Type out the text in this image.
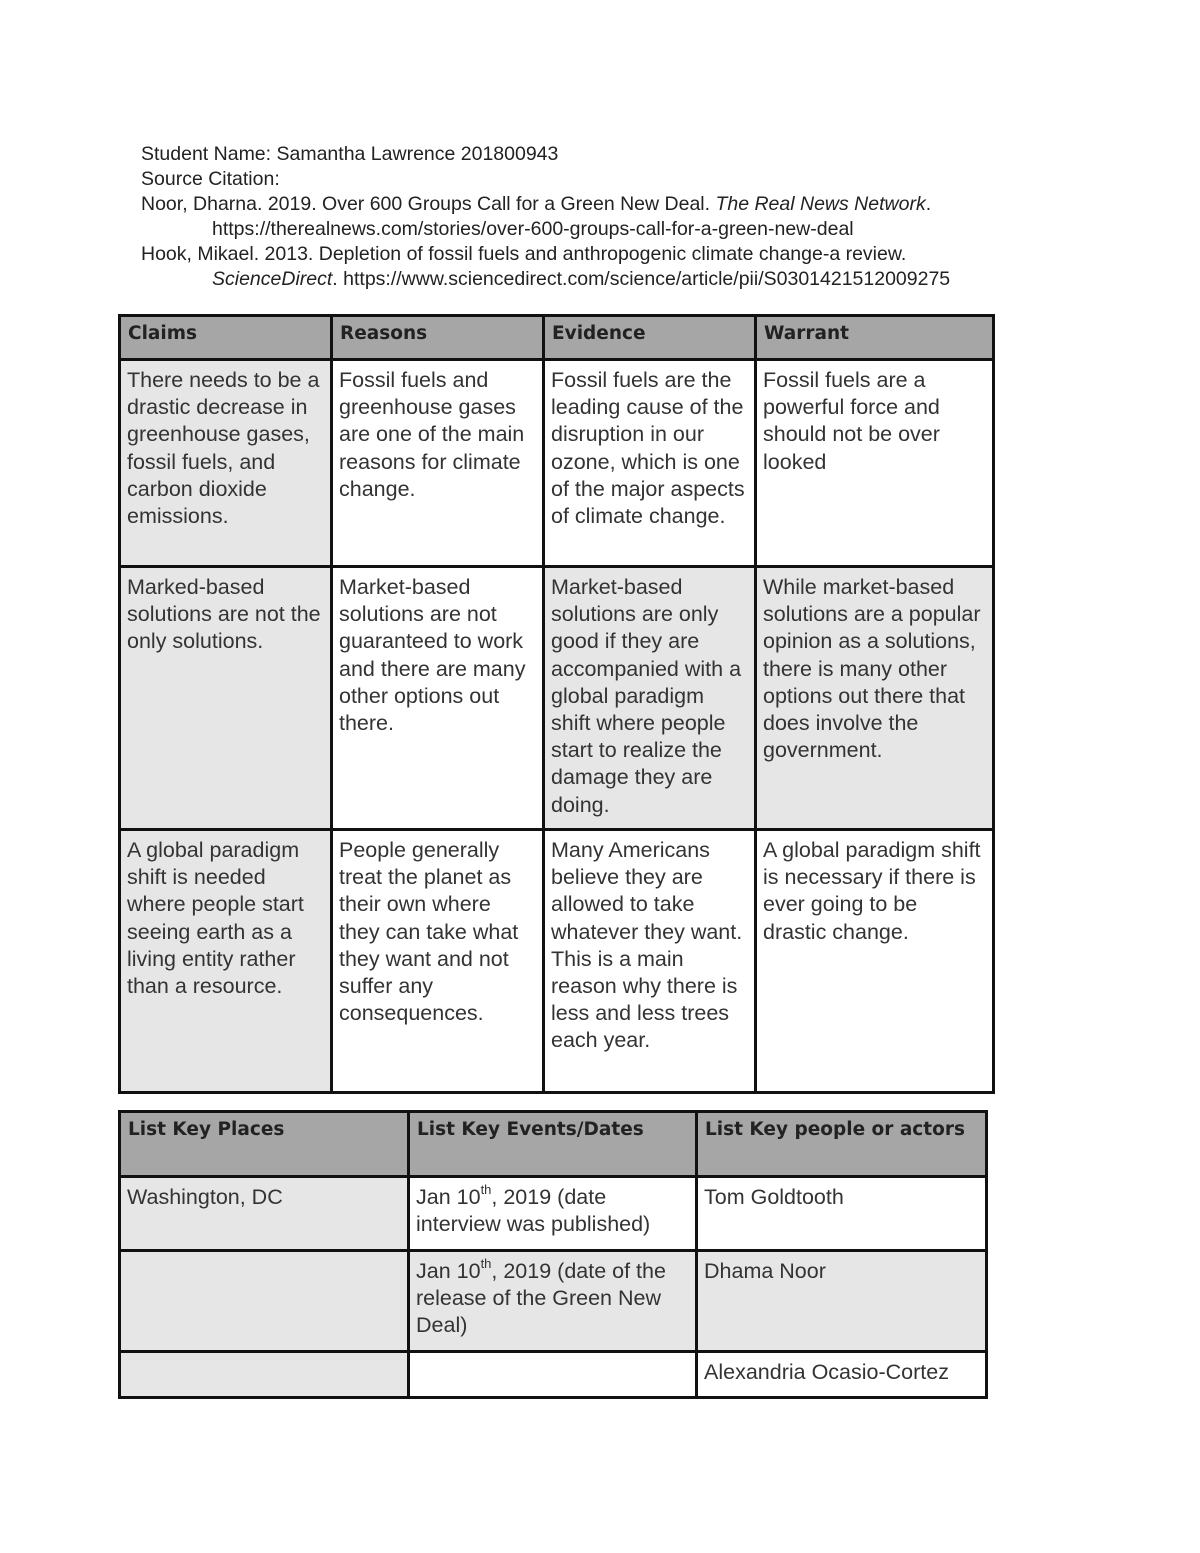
Student Name: Samantha Lawrence 201800943
Source Citation:
Noor, Dharna. 2019. Over 600 Groups Call for a Green New Deal. The Real News Network.
https://therealnews.com/stories/over-600-groups-call-for-a-green-new-deal
Hook, Mikael. 2013. Depletion of fossil fuels and anthropogenic climate change-a review.
ScienceDirect. https://www.sciencedirect.com/science/article/pii/S0301421512009275
Claims	Reasons	Evidence	Warrant
There needs to be a drastic decrease in greenhouse gases, fossil fuels, and carbon dioxide emissions.	Fossil fuels and greenhouse gases are one of the main reasons for climate change.	Fossil fuels are the leading cause of the disruption in our ozone, which is one of the major aspects of climate change.	Fossil fuels are a powerful force and should not be over looked
Marked-based solutions are not the only solutions.	Market-based solutions are not guaranteed to work and there are many other options out there.	Market-based solutions are only good if they are accompanied with a global paradigm shift where people start to realize the damage they are doing.	While market-based solutions are a popular opinion as a solutions, there is many other options out there that does involve the government.
A global paradigm shift is needed where people start seeing earth as a living entity rather than a resource.	People generally treat the planet as their own where they can take what they want and not suffer any consequences.	Many Americans believe they are allowed to take whatever they want. This is a main reason why there is less and less trees each year.	A global paradigm shift is necessary if there is ever going to be drastic change.
List Key Places	List Key Events/Dates	List Key people or actors
Washington, DC	Jan 10th, 2019 (date interview was published)	Tom Goldtooth
	Jan 10th, 2019 (date of the release of the Green New Deal)	Dhama Noor
		Alexandria Ocasio-Cortez
